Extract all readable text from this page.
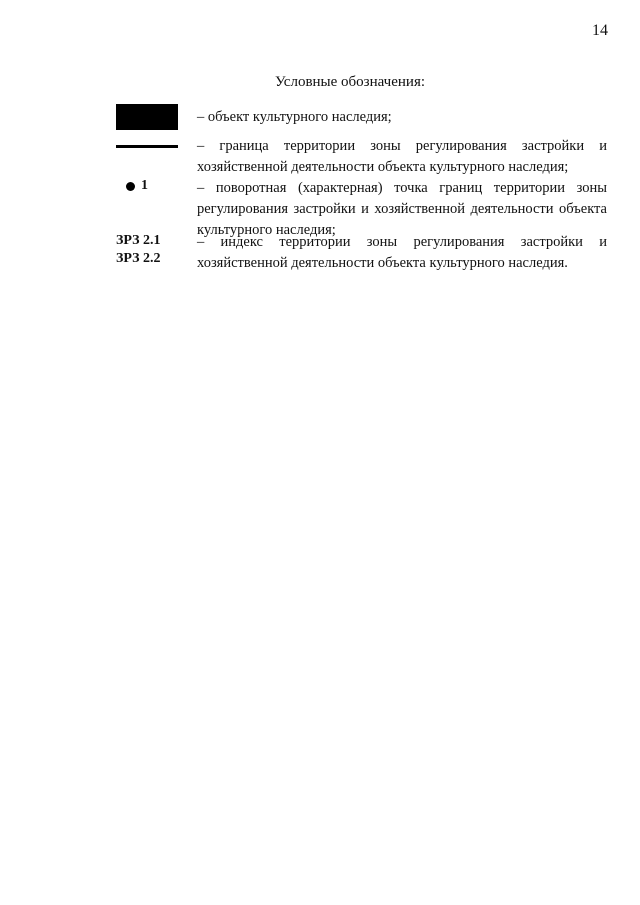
14
Условные обозначения:

– объект культурного наследия;

– граница территории зоны регулирования застройки и хозяйственной деятельности объекта культурного наследия;

1	– поворотная (характерная) точка границ территории зоны регулирования застройки и хозяйственной деятельности объекта культурного наследия;

ЗРЗ 2.1
ЗРЗ 2.2

– индекс территории зоны регулирования застройки и хозяйственной деятельности объекта культурного наследия.
